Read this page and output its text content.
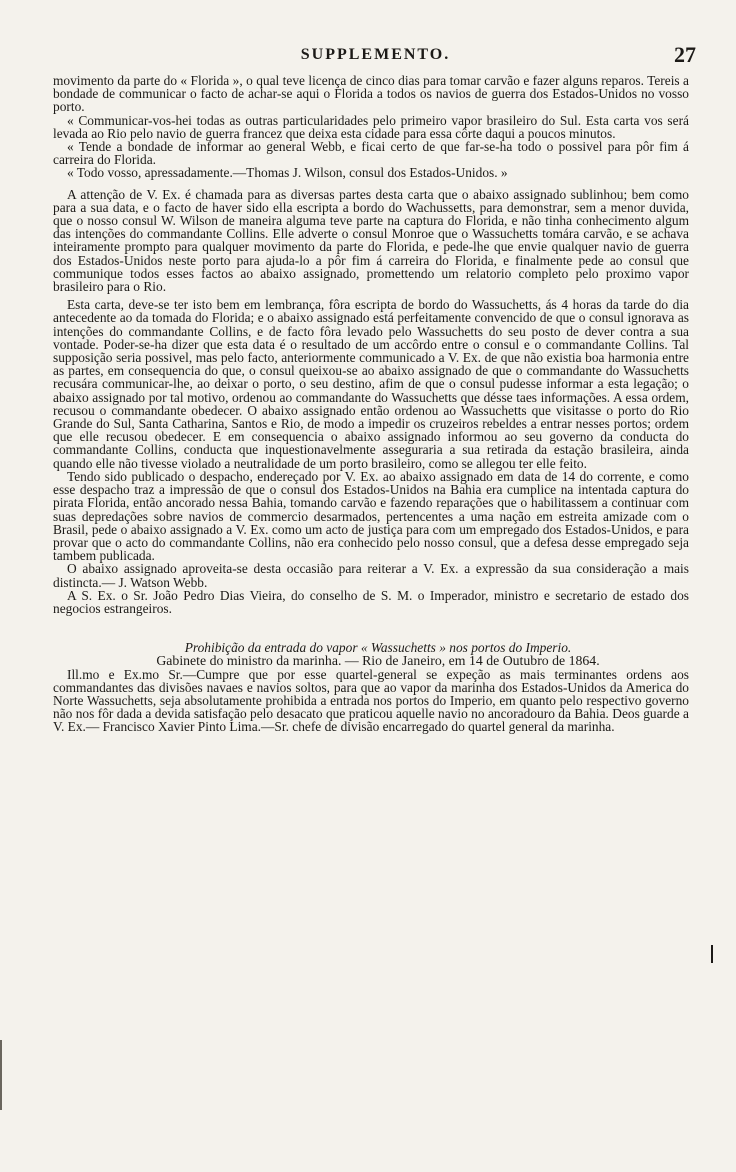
SUPPLEMENTO.	27

movimento da parte do « Florida », o qual teve licença de cinco dias para tomar carvão e fazer alguns reparos. Tereis a bondade de communicar o facto de achar-se aqui o Florida a todos os navios de guerra dos Estados-Unidos no vosso porto.

« Communicar-vos-hei todas as outras particularidades pelo primeiro vapor brasileiro do Sul. Esta carta vos será levada ao Rio pelo navio de guerra francez que deixa esta cidade para essa côrte daqui a poucos minutos.

« Tende a bondade de informar ao general Webb, e ficai certo de que far-se-ha todo o possivel para pôr fim á carreira do Florida.

« Todo vosso, apressadamente.—Thomas J. Wilson, consul dos Estados-Unidos. »

A attenção de V. Ex. é chamada para as diversas partes desta carta que o abaixo assignado sublinhou; bem como para a sua data, e o facto de haver sido ella escripta a bordo do Wachussetts, para demonstrar, sem a menor duvida, que o nosso consul W. Wilson de maneira alguma teve parte na captura do Florida, e não tinha conhecimento algum das intenções do commandante Collins. Elle adverte o consul Monroe que o Wassuchetts tomára carvão, e se achava inteiramente prompto para qualquer movimento da parte do Florida, e pede-lhe que envie qualquer navio de guerra dos Estados-Unidos neste porto para ajuda-lo a pôr fim á carreira do Florida, e finalmente pede ao consul que communique todos esses factos ao abaixo assignado, promettendo um relatorio completo pelo proximo vapor brasileiro para o Rio.

Esta carta, deve-se ter isto bem em lembrança, fôra escripta de bordo do Wassuchetts, ás 4 horas da tarde do dia antecedente ao da tomada do Florida; e o abaixo assignado está perfeitamente convencido de que o consul ignorava as intenções do commandante Collins, e de facto fôra levado pelo Wassuchetts do seu posto de dever contra a sua vontade. Poder-se-ha dizer que esta data é o resultado de um accôrdo entre o consul e o commandante Collins. Tal supposição seria possivel, mas pelo facto, anteriormente communicado a V. Ex. de que não existia boa harmonia entre as partes, em consequencia do que, o consul queixou-se ao abaixo assignado de que o commandante do Wassuchetts recusára communicar-lhe, ao deixar o porto, o seu destino, afim de que o consul pudesse informar a esta legação; o abaixo assignado por tal motivo, ordenou ao commandante do Wassuchetts que désse taes informações. A essa ordem, recusou o commandante obedecer. O abaixo assignado então ordenou ao Wassuchetts que visitasse o porto do Rio Grande do Sul, Santa Catharina, Santos e Rio, de modo a impedir os cruzeiros rebeldes a entrar nesses portos; ordem que elle recusou obedecer. E em consequencia o abaixo assignado informou ao seu governo da conducta do commandante Collins, conducta que inquestionavelmente asseguraria a sua retirada da estação brasileira, ainda quando elle não tivesse violado a neutralidade de um porto brasileiro, como se allegou ter elle feito.

Tendo sido publicado o despacho, endereçado por V. Ex. ao abaixo assignado em data de 14 do corrente, e como esse despacho traz a impressão de que o consul dos Estados-Unidos na Bahia era cumplice na intentada captura do pirata Florida, então ancorado nessa Bahia, tomando carvão e fazendo reparações que o habilitassem a continuar com suas depredações sobre navios de commercio desarmados, pertencentes a uma nação em estreita amizade com o Brasil, pede o abaixo assignado a V. Ex. como um acto de justiça para com um empregado dos Estados-Unidos, e para provar que o acto do commandante Collins, não era conhecido pelo nosso consul, que a defesa desse empregado seja tambem publicada.

O abaixo assignado aproveita-se desta occasião para reiterar a V. Ex. a expressão da sua consideração a mais distincta.— J. Watson Webb.

A S. Ex. o Sr. João Pedro Dias Vieira, do conselho de S. M. o Imperador, ministro e secretario de estado dos negocios estrangeiros.

Prohibição da entrada do vapor « Wassuchetts » nos portos do Imperio.

Gabinete do ministro da marinha. — Rio de Janeiro, em 14 de Outubro de 1864.

Ill.mo e Ex.mo Sr.—Cumpre que por esse quartel-general se expeção as mais terminantes ordens aos commandantes das divisões navaes e navios soltos, para que ao vapor da marinha dos Estados-Unidos da America do Norte Wassuchetts, seja absolutamente prohibida a entrada nos portos do Imperio, em quanto pelo respectivo governo não nos fôr dada a devida satisfação pelo desacato que praticou aquelle navio no ancoradouro da Bahia. Deos guarde a V. Ex.— Francisco Xavier Pinto Lima.—Sr. chefe de divisão encarregado do quartel general da marinha.
